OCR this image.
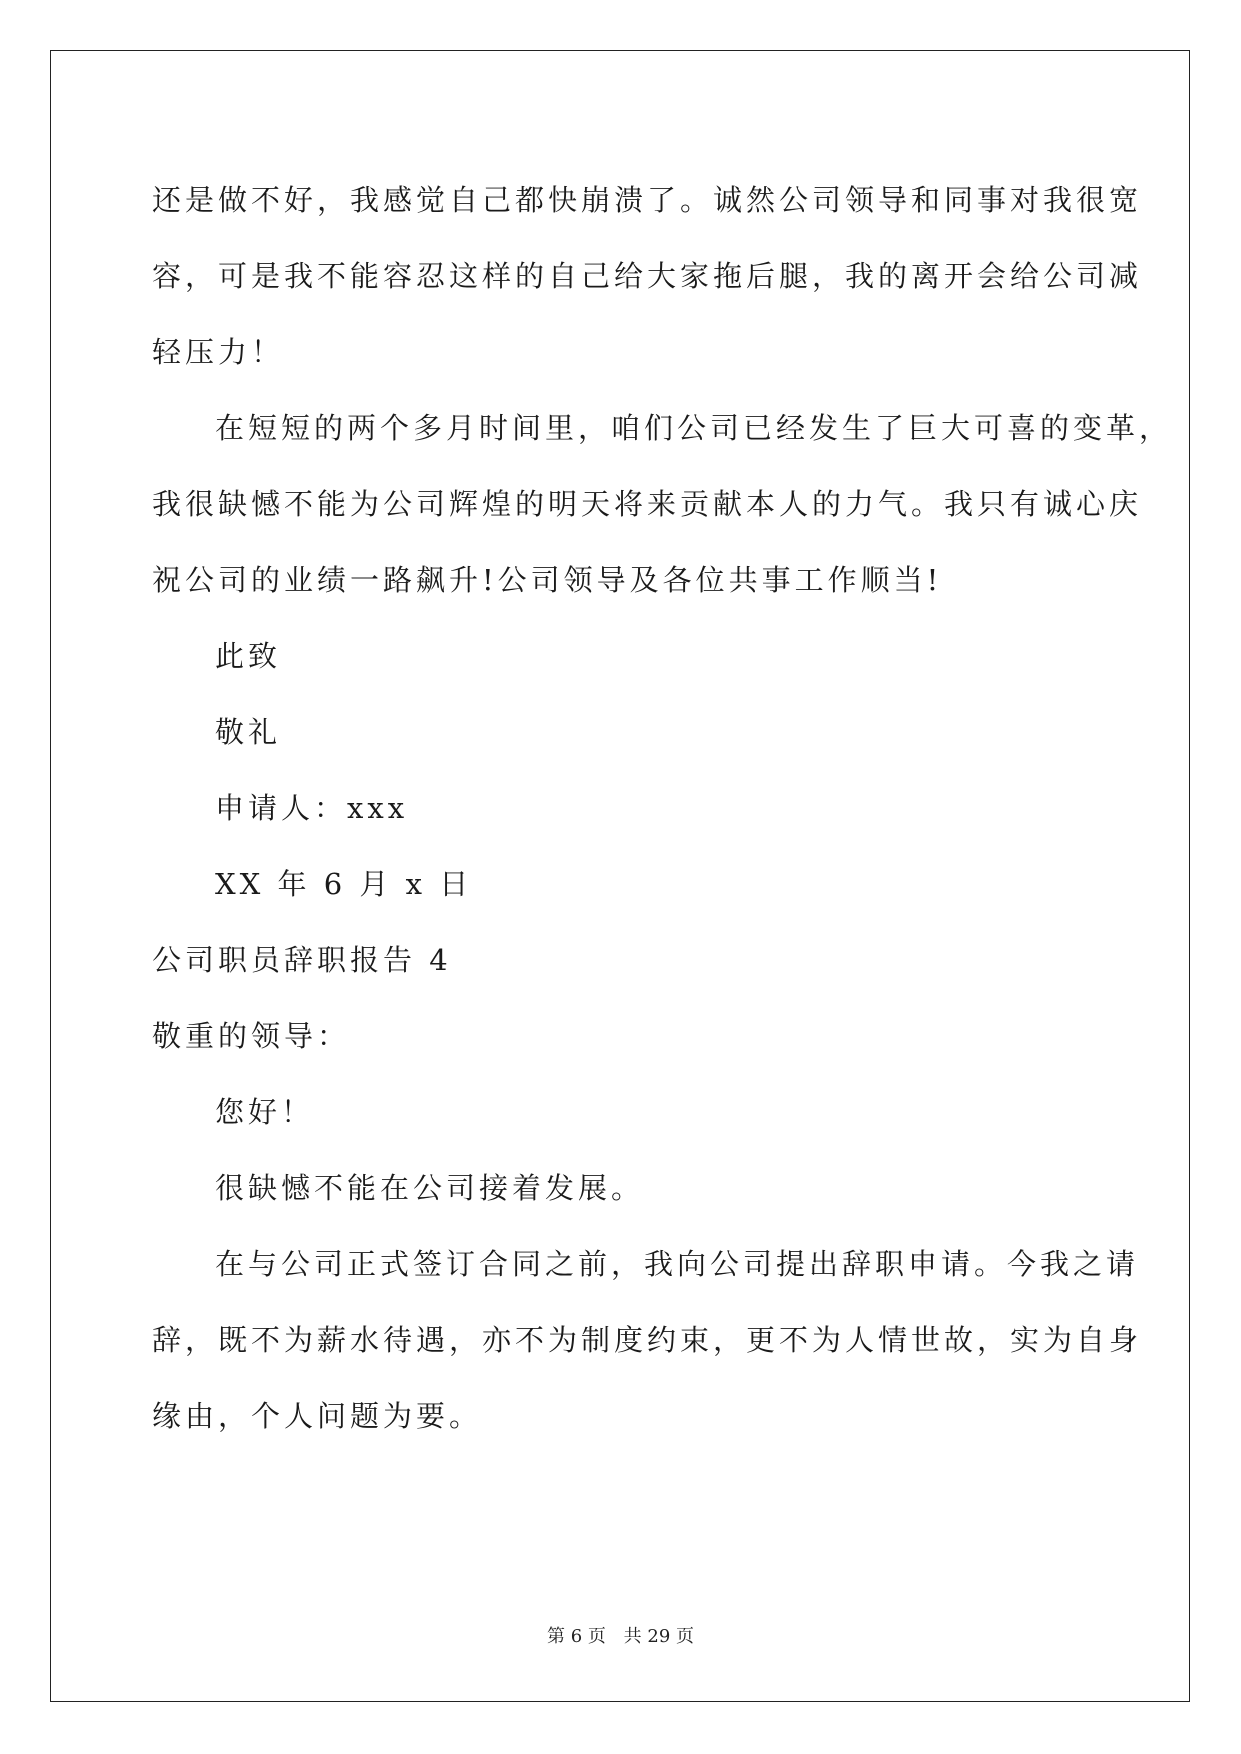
还是做不好，我感觉自己都快崩溃了。诚然公司领导和同事对我很宽
容，可是我不能容忍这样的自己给大家拖后腿，我的离开会给公司减
轻压力！
在短短的两个多月时间里，咱们公司已经发生了巨大可喜的变革，
我很缺憾不能为公司辉煌的明天将来贡献本人的力气。我只有诚心庆
祝公司的业绩一路飙升!公司领导及各位共事工作顺当!
此致
敬礼
申请人：xxx
XX 年 6 月 x 日
公司职员辞职报告 4
敬重的领导：
您好！
很缺憾不能在公司接着发展。
在与公司正式签订合同之前，我向公司提出辞职申请。今我之请
辞，既不为薪水待遇，亦不为制度约束，更不为人情世故，实为自身
缘由，个人问题为要。
第 6 页 共 29 页
